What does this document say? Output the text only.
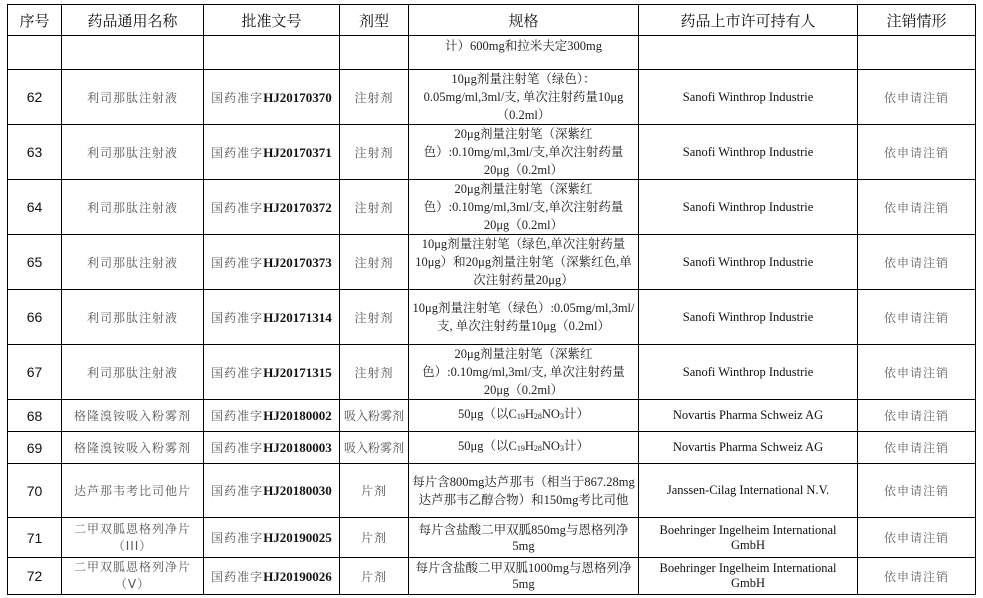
序号	药品通用名称	批准文号	剂型	规格	药品上市许可持有人	注销情形
				计）600mg和拉米夫定300mg		
62	利司那肽注射液	国药准字HJ20170370	注射剂	10μg剂量注射笔（绿色）：0.05mg/ml,3ml/支, 单次注射药量10μg（0.2ml）	Sanofi Winthrop Industrie	依申请注销
63	利司那肽注射液	国药准字HJ20170371	注射剂	20μg剂量注射笔（深紫红色）:0.10mg/ml,3ml/支,单次注射药量20μg（0.2ml）	Sanofi Winthrop Industrie	依申请注销
64	利司那肽注射液	国药准字HJ20170372	注射剂	20μg剂量注射笔（深紫红色）:0.10mg/ml,3ml/支,单次注射药量20μg（0.2ml）	Sanofi Winthrop Industrie	依申请注销
65	利司那肽注射液	国药准字HJ20170373	注射剂	10μg剂量注射笔（绿色,单次注射药量10μg）和20μg剂量注射笔（深紫红色,单次注射药量20μg）	Sanofi Winthrop Industrie	依申请注销
66	利司那肽注射液	国药准字HJ20171314	注射剂	10μg剂量注射笔（绿色）:0.05mg/ml,3ml/支, 单次注射药量10μg（0.2ml）	Sanofi Winthrop Industrie	依申请注销
67	利司那肽注射液	国药准字HJ20171315	注射剂	20μg剂量注射笔（深紫红色）:0.10mg/ml,3ml/支, 单次注射药量20μg（0.2ml）	Sanofi Winthrop Industrie	依申请注销
68	格隆溴铵吸入粉雾剂	国药准字HJ20180002	吸入粉雾剂	50μg（以$C_{19}H_{28}NO_3$计）	Novartis Pharma Schweiz AG	依申请注销
69	格隆溴铵吸入粉雾剂	国药准字HJ20180003	吸入粉雾剂	50μg（以$C_{19}H_{28}NO_3$计）	Novartis Pharma Schweiz AG	依申请注销
70	达芦那韦考比司他片	国药准字HJ20180030	片剂	每片含800mg达芦那韦（相当于867.28mg达芦那韦乙醇合物）和150mg考比司他	Janssen-Cilag International N.V.	依申请注销
71	二甲双胍恩格列净片（III）	国药准字HJ20190025	片剂	每片含盐酸二甲双胍850mg与恩格列净5mg	Boehringer Ingelheim International GmbH	依申请注销
72	二甲双胍恩格列净片（V）	国药准字HJ20190026	片剂	每片含盐酸二甲双胍1000mg与恩格列净5mg	Boehringer Ingelheim International GmbH	依申请注销
